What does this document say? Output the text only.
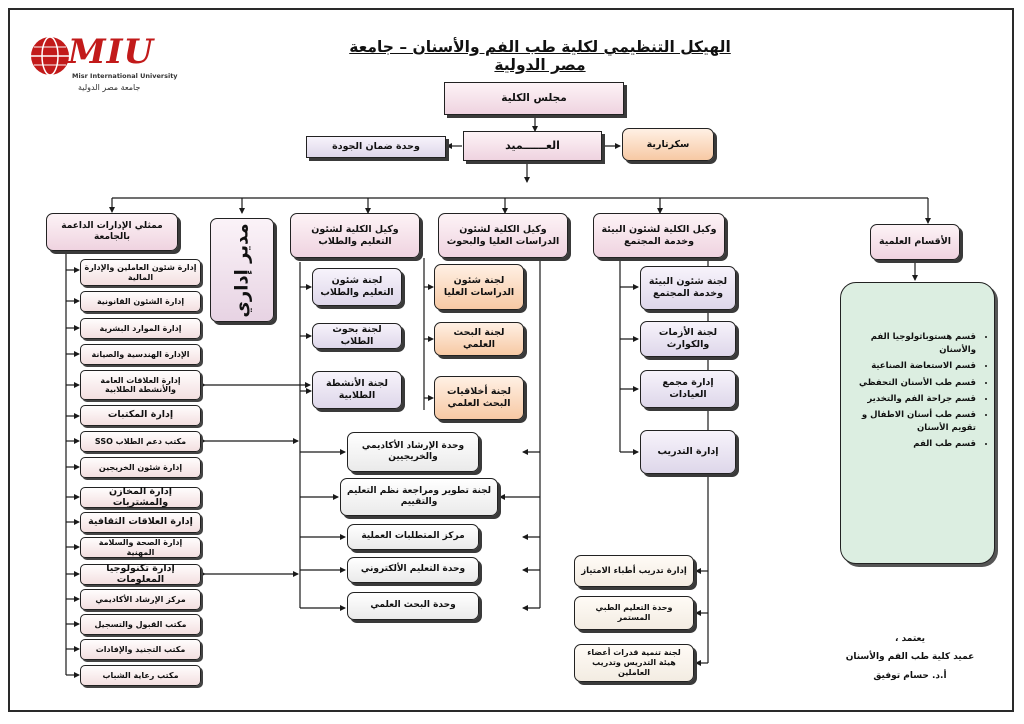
MIU
Misr International University
جامعة مصر الدولية
الهيكل التنظيمي لكلية طب الفم والأسنان – جامعة مصر الدولية
مجلس الكلية
العــــــميد	سكرتارية
وحدة ضمان الجودة
ممثلي الإدارات الداعمة بالجامعة	مدير إداري	وكيل الكلية لشئون التعليم والطلاب
وكيل الكلية لشئون الدراسات العليا والبحوث
وكيل الكلية لشئون البيئة وخدمة المجتمع	الأقسام العلمية
إدارة شئون العاملين والإدارة المالية
إدارة الشئون القانونية
إدارة الموارد البشرية
الإدارة الهندسية والصيانة
إدارة العلاقات العامة والأنشطة الطلابية
إدارة المكتبات
مكتب دعم الطلاب SSO
إدارة شئون الخريجين
إدارة المخازن والمشتريات
إدارة العلاقات الثقافية
إدارة الصحة والسلامة المهنية
إدارة تكنولوجيا المعلومات
مركز الإرشاد الأكاديمي
مكتب القبول والتسجيل
مكتب التجنيد والإفادات
مكتب رعاية الشباب
لجنة شئون التعليم والطلاب
لجنة بحوث الطلاب
لجنة الأنشطة الطلابية
لجنة شئون الدراسات العليا
لجنة البحث العلمي
لجنة أخلاقيات البحث العلمي
لجنة شئون البيئة وخدمة المجتمع
لجنة الأزمات والكوارث
إدارة مجمع العيادات
إدارة التدريب
وحدة الإرشاد الأكاديمي والخريجيين
لجنة تطوير ومراجعة نظم التعليم والتقييم
مركز المتطلبات العملية
وحدة التعليم الألكتروني
وحدة البحث العلمي
إدارة تدريب أطباء الامتياز
وحدة التعليم الطبي المستمر
لجنة تنمية قدرات أعضاء هيئة التدريس وتدريب العاملين
• قسم هستوباثولوجيا الفم والأسنان
• قسم الاستعاضة الصناعية
• قسم طب الأسنان التحفظي
• قسم جراحة الفم والتخدير
• قسم طب أسنان الاطفال و تقويم الأسنان
• قسم طب الفم
يعتمد ،
عميد كلية طب الفم والأسنان
أ.د. حسام توفيق
